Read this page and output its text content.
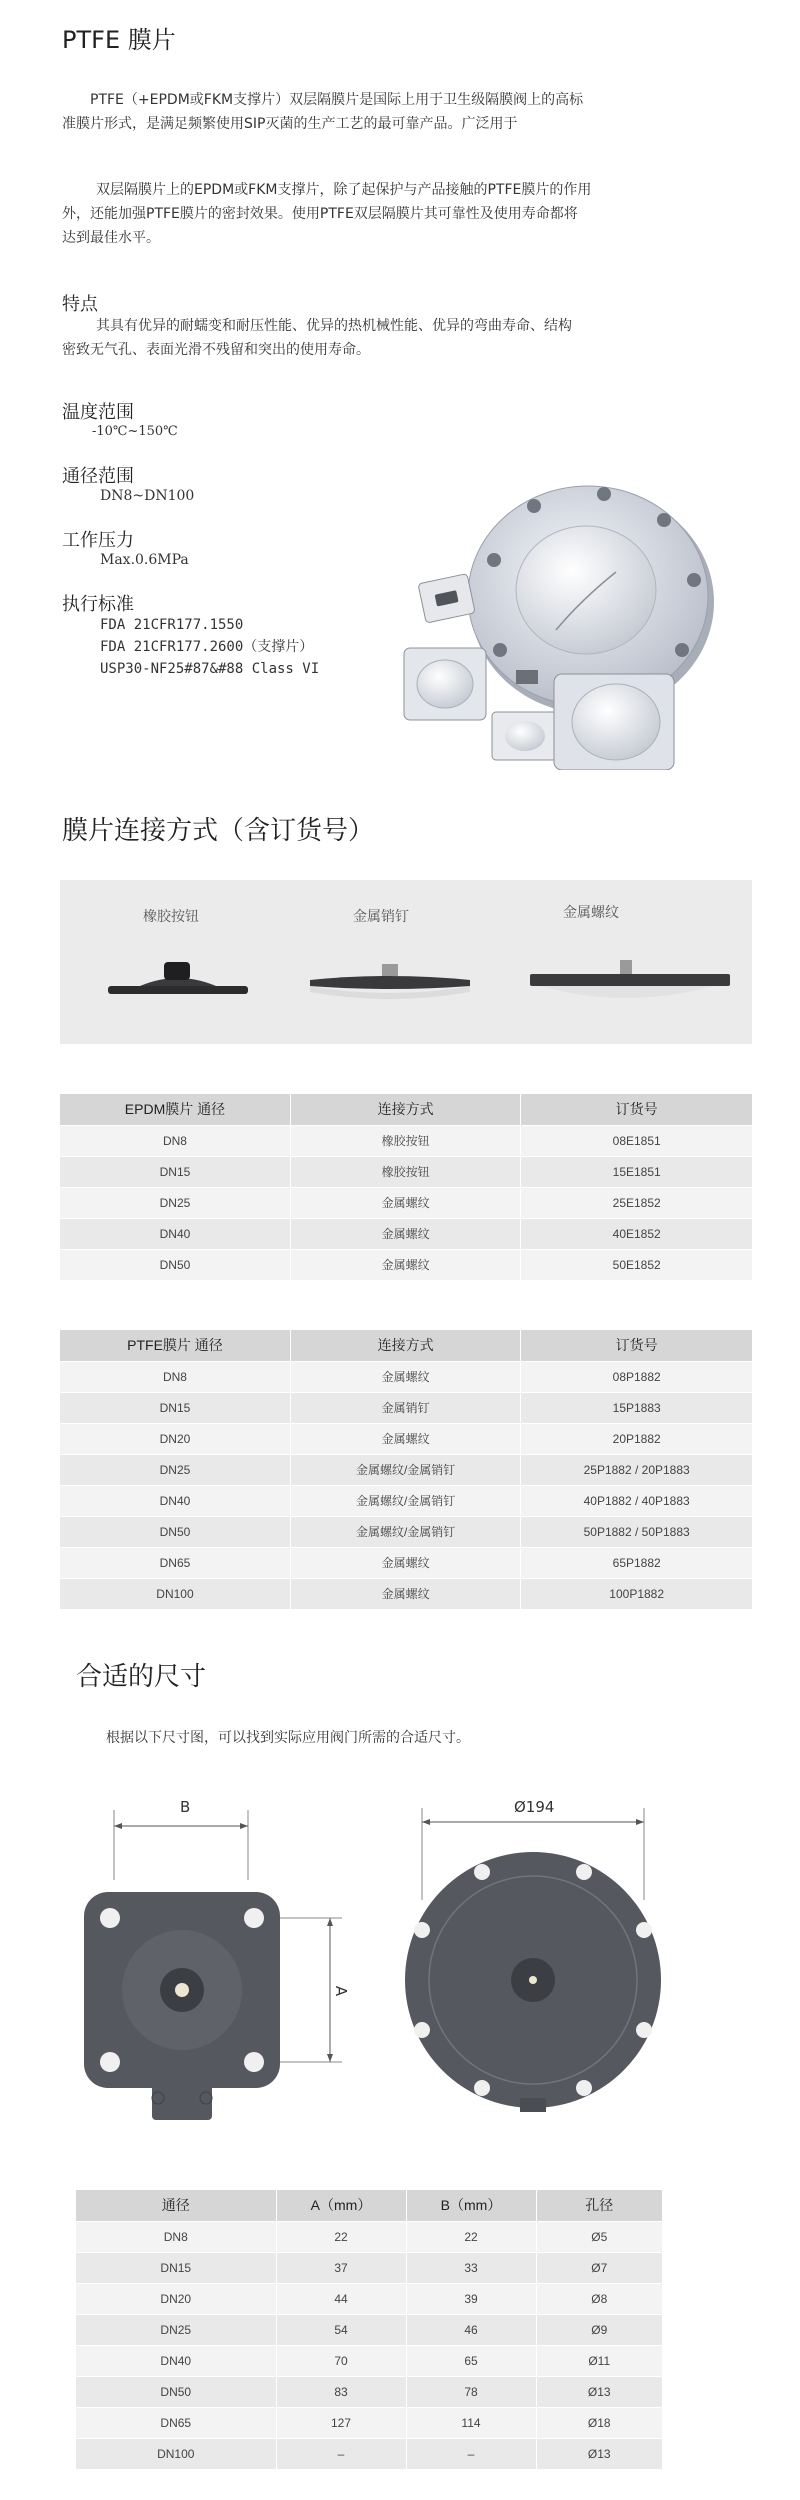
PTFE 膜片
PTFE（+EPDM或FKM支撑片）双层隔膜片是国际上用于卫生级隔膜阀上的高标
准膜片形式，是满足频繁使用SIP灭菌的生产工艺的最可靠产品。广泛用于
双层隔膜片上的EPDM或FKM支撑片，除了起保护与产品接触的PTFE膜片的作用
外，还能加强PTFE膜片的密封效果。使用PTFE双层隔膜片其可靠性及使用寿命都将
达到最佳水平。
特点
其具有优异的耐蠕变和耐压性能、优异的热机械性能、优异的弯曲寿命、结构
密致无气孔、表面光滑不残留和突出的使用寿命。
温度范围
-10℃~150℃
通径范围
DN8~DN100
工作压力
Max.0.6MPa
执行标准
FDA 21CFR177.1550
FDA 21CFR177.2600（支撑片）
USP30-NF25#87&#88 Class VI
膜片连接方式（含订货号）
橡胶按钮	金属销钉	金属螺纹
EPDM膜片 通径	连接方式	订货号
DN8	橡胶按钮	08E1851
DN15	橡胶按钮	15E1851
DN25	金属螺纹	25E1852
DN40	金属螺纹	40E1852
DN50	金属螺纹	50E1852
PTFE膜片 通径	连接方式	订货号
DN8	金属螺纹	08P1882
DN15	金属销钉	15P1883
DN20	金属螺纹	20P1882
DN25	金属螺纹/金属销钉	25P1882 / 20P1883
DN40	金属螺纹/金属销钉	40P1882 / 40P1883
DN50	金属螺纹/金属销钉	50P1882 / 50P1883
DN65	金属螺纹	65P1882
DN100	金属螺纹	100P1882
合适的尺寸
根据以下尺寸图，可以找到实际应用阀门所需的合适尺寸。
B
A
Ø194
通径	A（mm）	B（mm）	孔径
DN8	22	22	Ø5
DN15	37	33	Ø7
DN20	44	39	Ø8
DN25	54	46	Ø9
DN40	70	65	Ø11
DN50	83	78	Ø13
DN65	127	114	Ø18
DN100	–	–	Ø13
